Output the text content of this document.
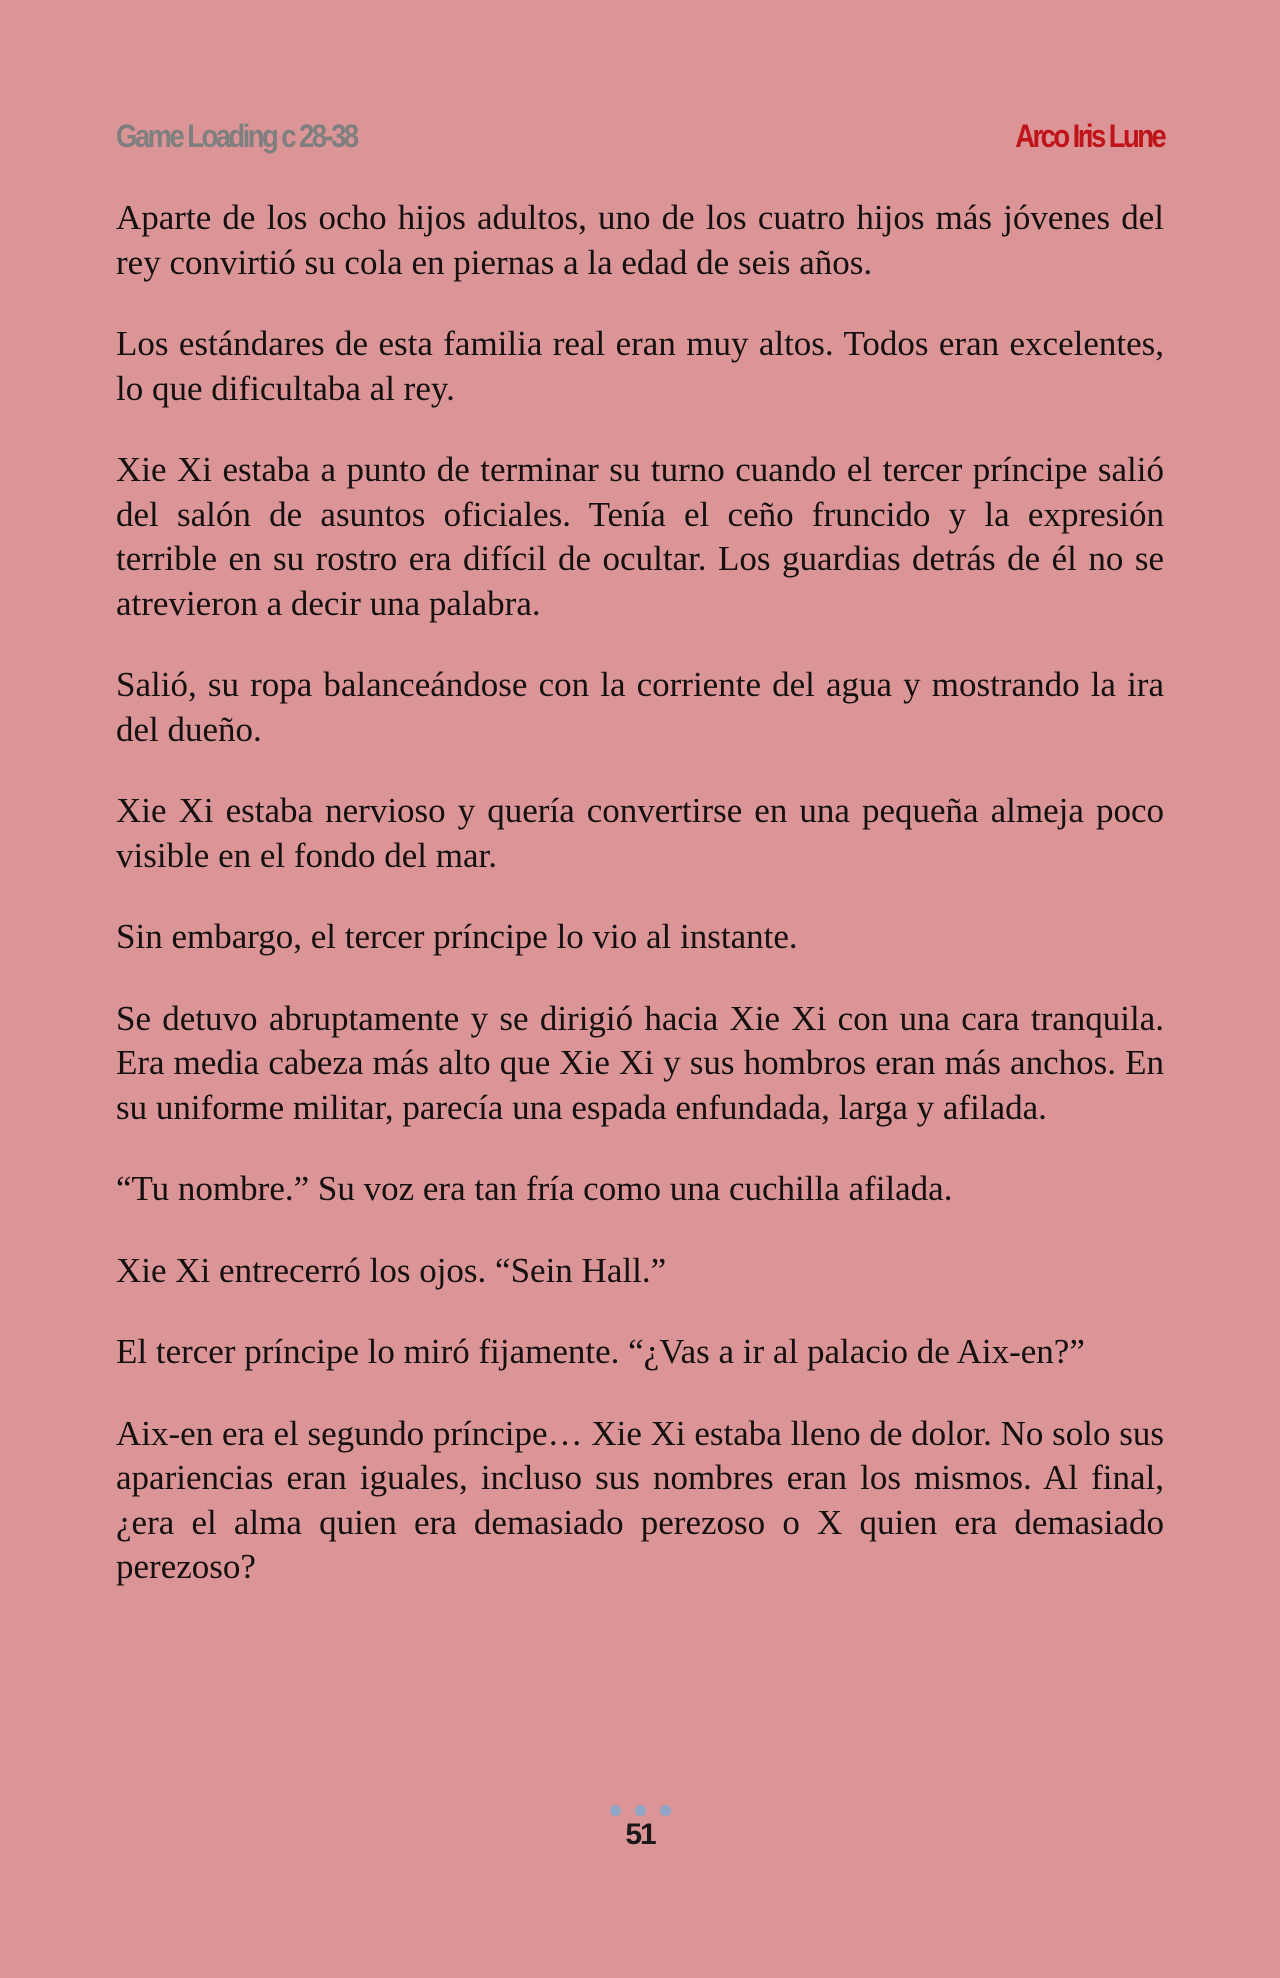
Game Loading c 28-38	Arco Iris Lune

Aparte de los ocho hijos adultos, uno de los cuatro hijos más jóvenes del rey convirtió su cola en piernas a la edad de seis años.

Los estándares de esta familia real eran muy altos. Todos eran excelentes, lo que dificultaba al rey.

Xie Xi estaba a punto de terminar su turno cuando el tercer príncipe salió del salón de asuntos oficiales. Tenía el ceño fruncido y la expresión terrible en su rostro era difícil de ocultar. Los guardias detrás de él no se atrevieron a decir una palabra.

Salió, su ropa balanceándose con la corriente del agua y mostrando la ira del dueño.

Xie Xi estaba nervioso y quería convertirse en una pequeña almeja poco visible en el fondo del mar.

Sin embargo, el tercer príncipe lo vio al instante.

Se detuvo abruptamente y se dirigió hacia Xie Xi con una cara tranquila. Era media cabeza más alto que Xie Xi y sus hombros eran más anchos. En su uniforme militar, parecía una espada enfundada, larga y afilada.

“Tu nombre.” Su voz era tan fría como una cuchilla afilada.

Xie Xi entrecerró los ojos. “Sein Hall.”

El tercer príncipe lo miró fijamente. “¿Vas a ir al palacio de Aix-en?”

Aix-en era el segundo príncipe… Xie Xi estaba lleno de dolor. No solo sus apariencias eran iguales, incluso sus nombres eran los mismos. Al final, ¿era el alma quien era demasiado perezoso o X quien era demasiado perezoso?

51
